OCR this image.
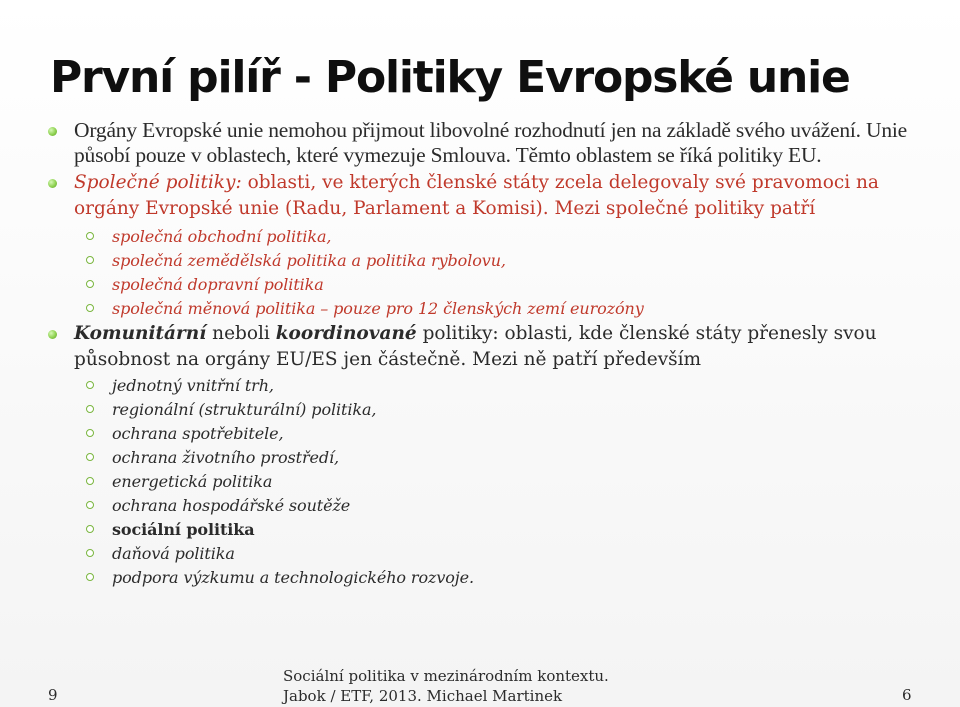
První pilíř - Politiky Evropské unie
Orgány Evropské unie nemohou přijmout libovolné rozhodnutí jen na základě svého uvážení. Unie působí pouze v oblastech, které vymezuje Smlouva. Těmto oblastem se říká politiky EU.
Společné politiky: oblasti, ve kterých členské státy zcela delegovaly své pravomoci na orgány Evropské unie (Radu, Parlament a Komisi). Mezi společné politiky patří
společná obchodní politika,
společná zemědělská politika a politika rybolovu,
společná dopravní politika
společná měnová politika – pouze pro 12 členských zemí eurozóny
Komunitární neboli koordinované politiky: oblasti, kde členské státy přenesly svou působnost na orgány EU/ES jen částečně. Mezi ně patří především
jednotný vnitřní trh,
regionální (strukturální) politika,
ochrana spotřebitele,
ochrana životního prostředí,
energetická politika
ochrana hospodářské soutěže
sociální politika
daňová politika
podpora výzkumu a technologického rozvoje.
9
Sociální politika v mezinárodním kontextu.
Jabok / ETF, 2013. Michael Martinek	6
